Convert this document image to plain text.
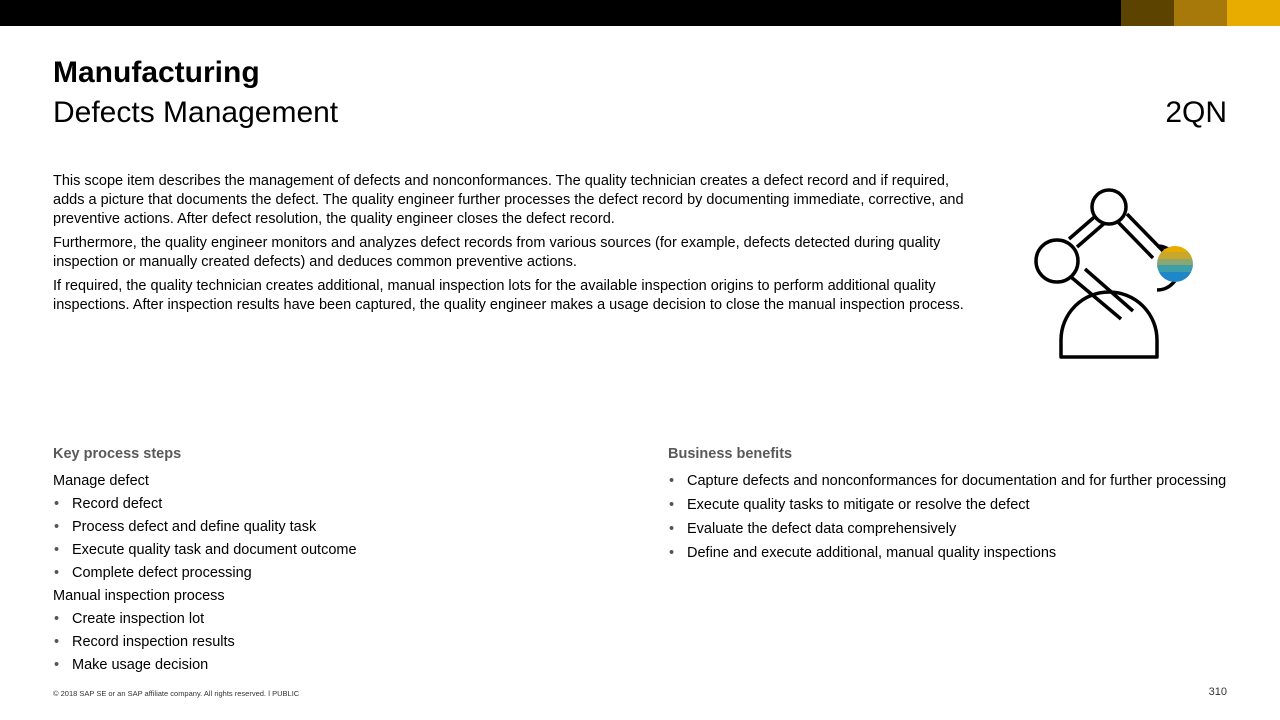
Manufacturing
Defects Management	2QN

This scope item describes the management of defects and nonconformances. The quality technician creates a defect record and if required, adds a picture that documents the defect. The quality engineer further processes the defect record by documenting immediate, corrective, and preventive actions. After defect resolution, the quality engineer closes the defect record.

Furthermore, the quality engineer monitors and analyzes defect records from various sources (for example, defects detected during quality inspection or manually created defects) and deduces common preventive actions.

If required, the quality technician creates additional, manual inspection lots for the available inspection origins to perform additional quality inspections. After inspection results have been captured, the quality engineer makes a usage decision to close the manual inspection process.

Key process steps
Manage defect
• Record defect
• Process defect and define quality task
• Execute quality task and document outcome
• Complete defect processing
Manual inspection process
• Create inspection lot
• Record inspection results
• Make usage decision
Business benefits
• Capture defects and nonconformances for documentation and for further processing
• Execute quality tasks to mitigate or resolve the defect
• Evaluate the defect data comprehensively
• Define and execute additional, manual quality inspections
© 2018 SAP SE or an SAP affiliate company. All rights reserved. ǀ PUBLIC	310
